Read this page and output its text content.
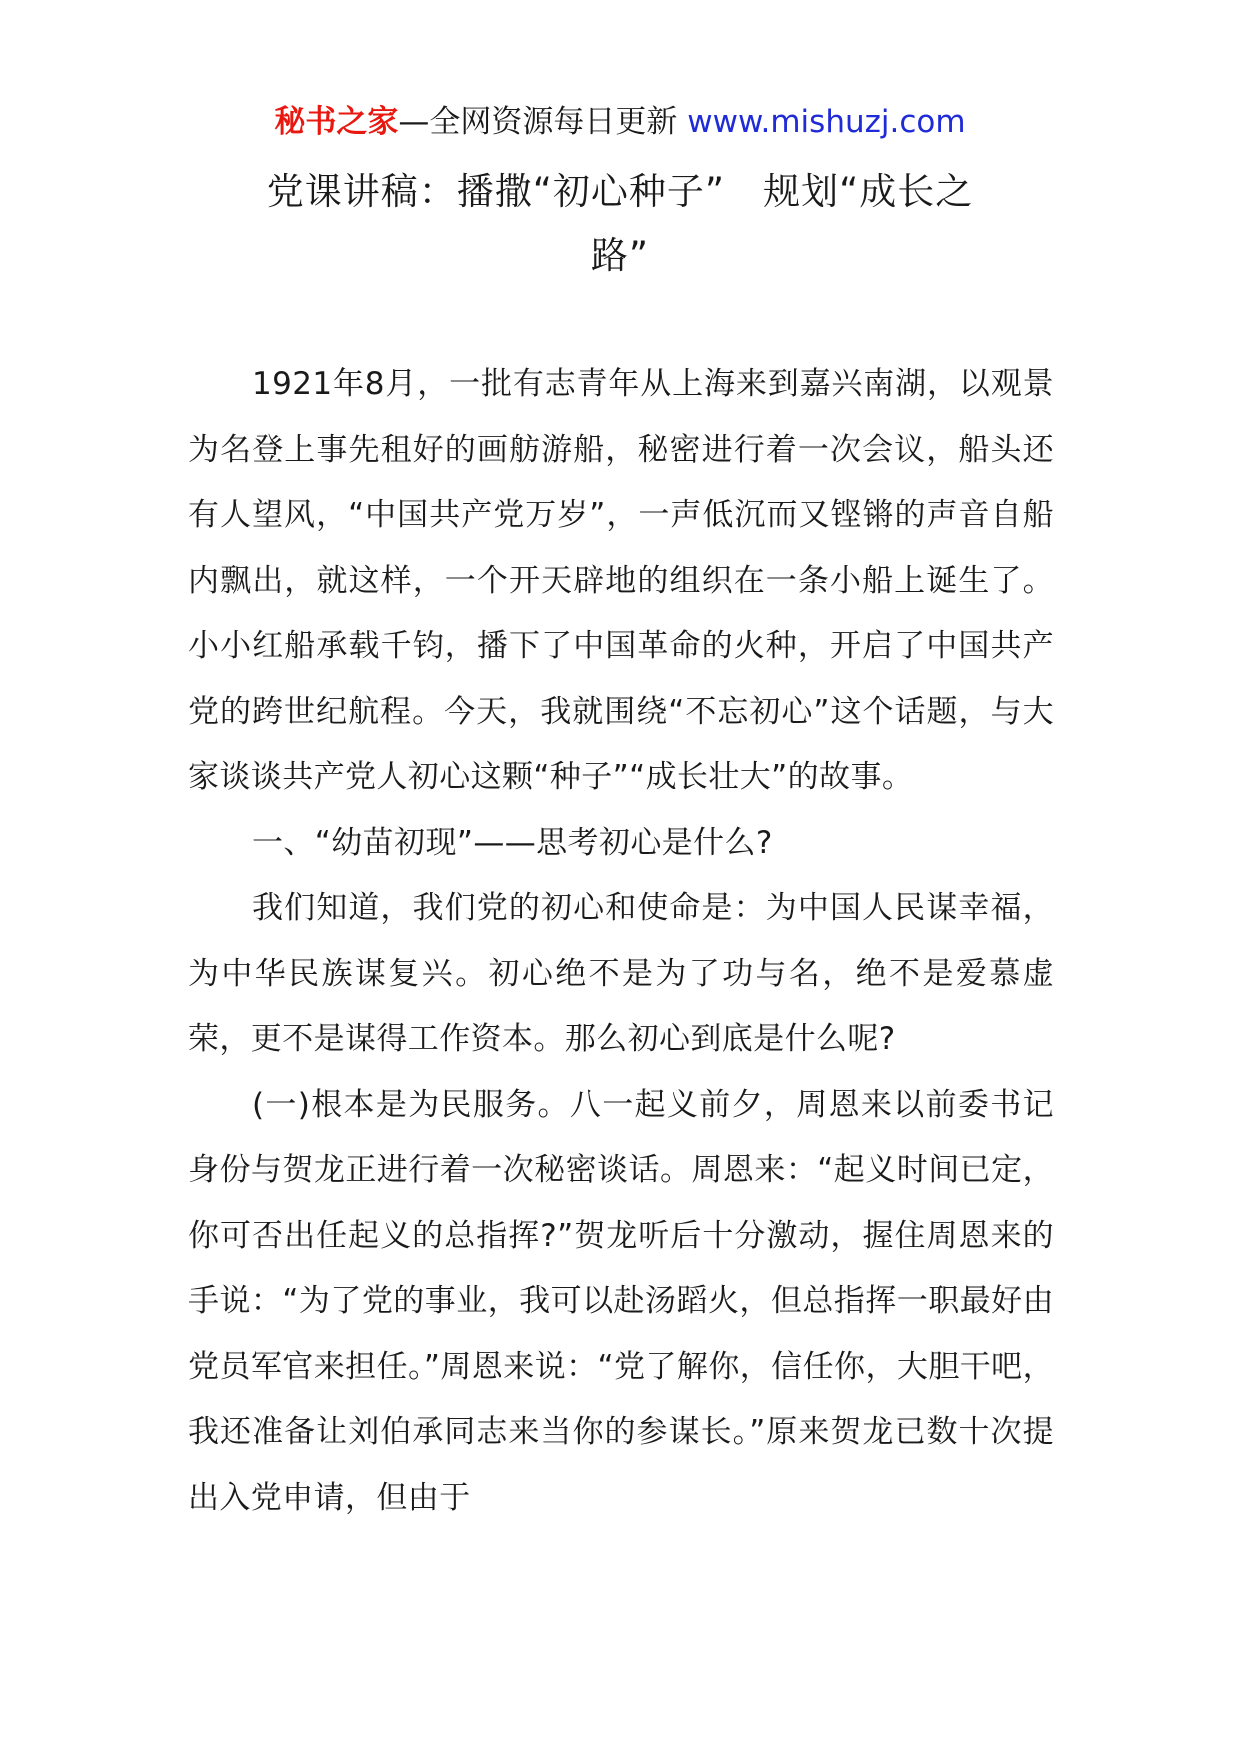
秘书之家—全网资源每日更新 www.mishuzj.com
党课讲稿：播撒“初心种子”　规划“成长之
路”

1921年8月，一批有志青年从上海来到嘉兴南湖，以观景为名登上事先租好的画舫游船，秘密进行着一次会议，船头还有人望风，“中国共产党万岁”，一声低沉而又铿锵的声音自船内飘出，就这样，一个开天辟地的组织在一条小船上诞生了。小小红船承载千钧，播下了中国革命的火种，开启了中国共产党的跨世纪航程。今天，我就围绕“不忘初心”这个话题，与大家谈谈共产党人初心这颗“种子”“成长壮大”的故事。

一、“幼苗初现”——思考初心是什么?

我们知道，我们党的初心和使命是：为中国人民谋幸福，为中华民族谋复兴。初心绝不是为了功与名，绝不是爱慕虚荣，更不是谋得工作资本。那么初心到底是什么呢?

(一)根本是为民服务。八一起义前夕，周恩来以前委书记身份与贺龙正进行着一次秘密谈话。周恩来：“起义时间已定，你可否出任起义的总指挥?”贺龙听后十分激动，握住周恩来的手说：“为了党的事业，我可以赴汤蹈火，但总指挥一职最好由党员军官来担任。”周恩来说：“党了解你，信任你，大胆干吧，我还准备让刘伯承同志来当你的参谋长。”原来贺龙已数十次提出入党申请，但由于
